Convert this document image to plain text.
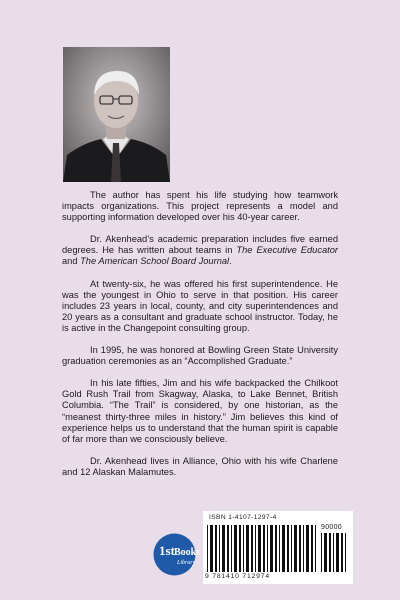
The author has spent his life studying how teamwork impacts organizations. This project represents a model and supporting information developed over his 40-year career.

Dr. Akenhead’s academic preparation includes five earned degrees. He has written about teams in The Executive Educator and The American School Board Journal.

At twenty-six, he was offered his first superintendence. He was the youngest in Ohio to serve in that position. His career includes 23 years in local, county, and city superintendences and 20 years as a consultant and graduate school instructor. Today, he is active in the Changepoint consulting group.

In 1995, he was honored at Bowling Green State University graduation ceremonies as an “Accomplished Graduate.”

In his late fifties, Jim and his wife backpacked the Chilkoot Gold Rush Trail from Skagway, Alaska, to Lake Bennet, British Columbia. “The Trail” is considered, by one historian, as the “meanest thirty-three miles in history.” Jim believes this kind of experience helps us to understand that the human spirit is capable of far more than we consciously believe.

Dr. Akenhead lives in Alliance, Ohio with his wife Charlene and 12 Alaskan Malamutes.

1st Books
Library
ISBN 1-4107-1297-4
90000
9 781410 712974
